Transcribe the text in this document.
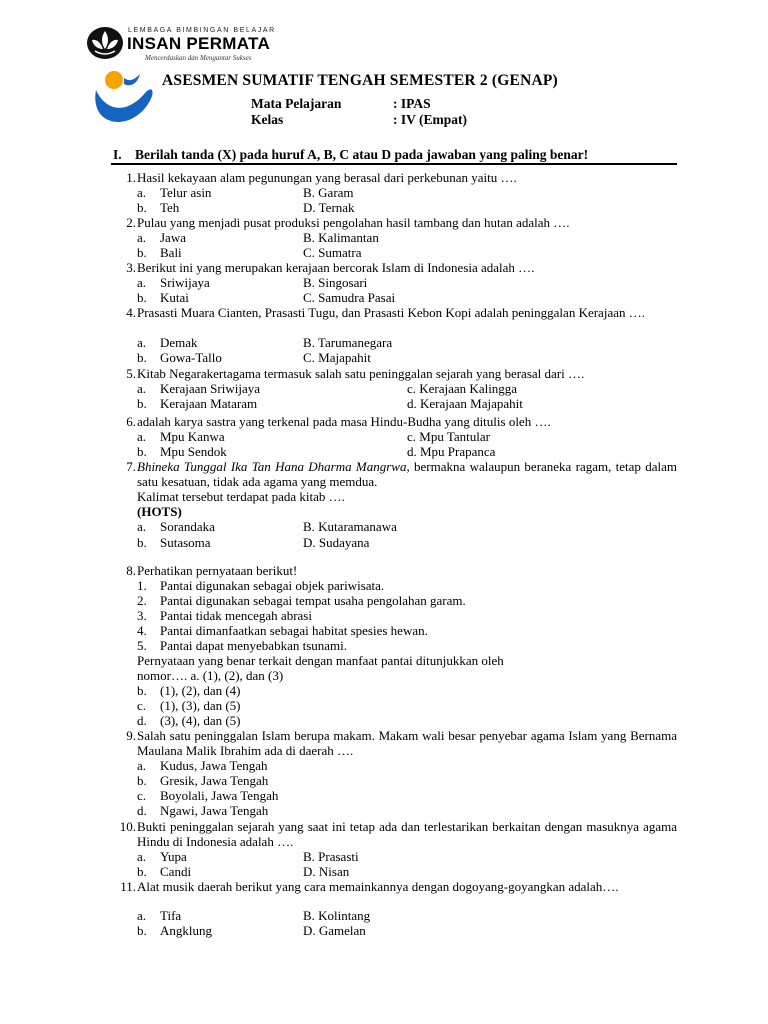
LEMBAGA BIMBINGAN BELAJAR
INSAN PERMATA
Mencerdaskan dan Mengantar Sukses
ASESMEN SUMATIF TENGAH SEMESTER 2 (GENAP)
Mata Pelajaran	: IPAS
Kelas	: IV (Empat)
I. Berilah tanda (X) pada huruf A, B, C atau D pada jawaban yang paling benar!
1. Hasil kekayaan alam pegunungan yang berasal dari perkebunan yaitu ….
a. Telur asin	B. Garam
b. Teh	D. Ternak
2. Pulau yang menjadi pusat produksi pengolahan hasil tambang dan hutan adalah ….
a. Jawa	B. Kalimantan
b. Bali	C. Sumatra
3. Berikut ini yang merupakan kerajaan bercorak Islam di Indonesia adalah ….
a. Sriwijaya	B. Singosari
b. Kutai	C. Samudra Pasai
4. Prasasti Muara Cianten, Prasasti Tugu, dan Prasasti Kebon Kopi adalah peninggalan Kerajaan ….
a. Demak	B. Tarumanegara
b. Gowa-Tallo	C. Majapahit
5. Kitab Negarakertagama termasuk salah satu peninggalan sejarah yang berasal dari ….
a. Kerajaan Sriwijaya	c. Kerajaan Kalingga
b. Kerajaan Mataram	d. Kerajaan Majapahit
6. adalah karya sastra yang terkenal pada masa Hindu-Budha yang ditulis oleh ….
a. Mpu Kanwa	c. Mpu Tantular
b. Mpu Sendok	d. Mpu Prapanca
7. Bhineka Tunggal Ika Tan Hana Dharma Mangrwa, bermakna walaupun beraneka ragam, tetap dalam satu kesatuan, tidak ada agama yang memdua.
Kalimat tersebut terdapat pada kitab ….
(HOTS)
a. Sorandaka	B. Kutaramanawa
b. Sutasoma	D. Sudayana
8. Perhatikan pernyataan berikut!
1. Pantai digunakan sebagai objek pariwisata.
2. Pantai digunakan sebagai tempat usaha pengolahan garam.
3. Pantai tidak mencegah abrasi
4. Pantai dimanfaatkan sebagai habitat spesies hewan.
5. Pantai dapat menyebabkan tsunami.
Pernyataan yang benar terkait dengan manfaat pantai ditunjukkan oleh
nomor…. a. (1), (2), dan (3)
b. (1), (2), dan (4)
c. (1), (3), dan (5)
d. (3), (4), dan (5)
9. Salah satu peninggalan Islam berupa makam. Makam wali besar penyebar agama Islam yang Bernama Maulana Malik Ibrahim ada di daerah ….
a. Kudus, Jawa Tengah
b. Gresik, Jawa Tengah
c. Boyolali, Jawa Tengah
d. Ngawi, Jawa Tengah
10. Bukti peninggalan sejarah yang saat ini tetap ada dan terlestarikan berkaitan dengan masuknya agama Hindu di Indonesia adalah ….
a. Yupa	B. Prasasti
b. Candi	D. Nisan
11. Alat musik daerah berikut yang cara memainkannya dengan dogoyang-goyangkan adalah….
a. Tifa	B. Kolintang
b. Angklung	D. Gamelan
